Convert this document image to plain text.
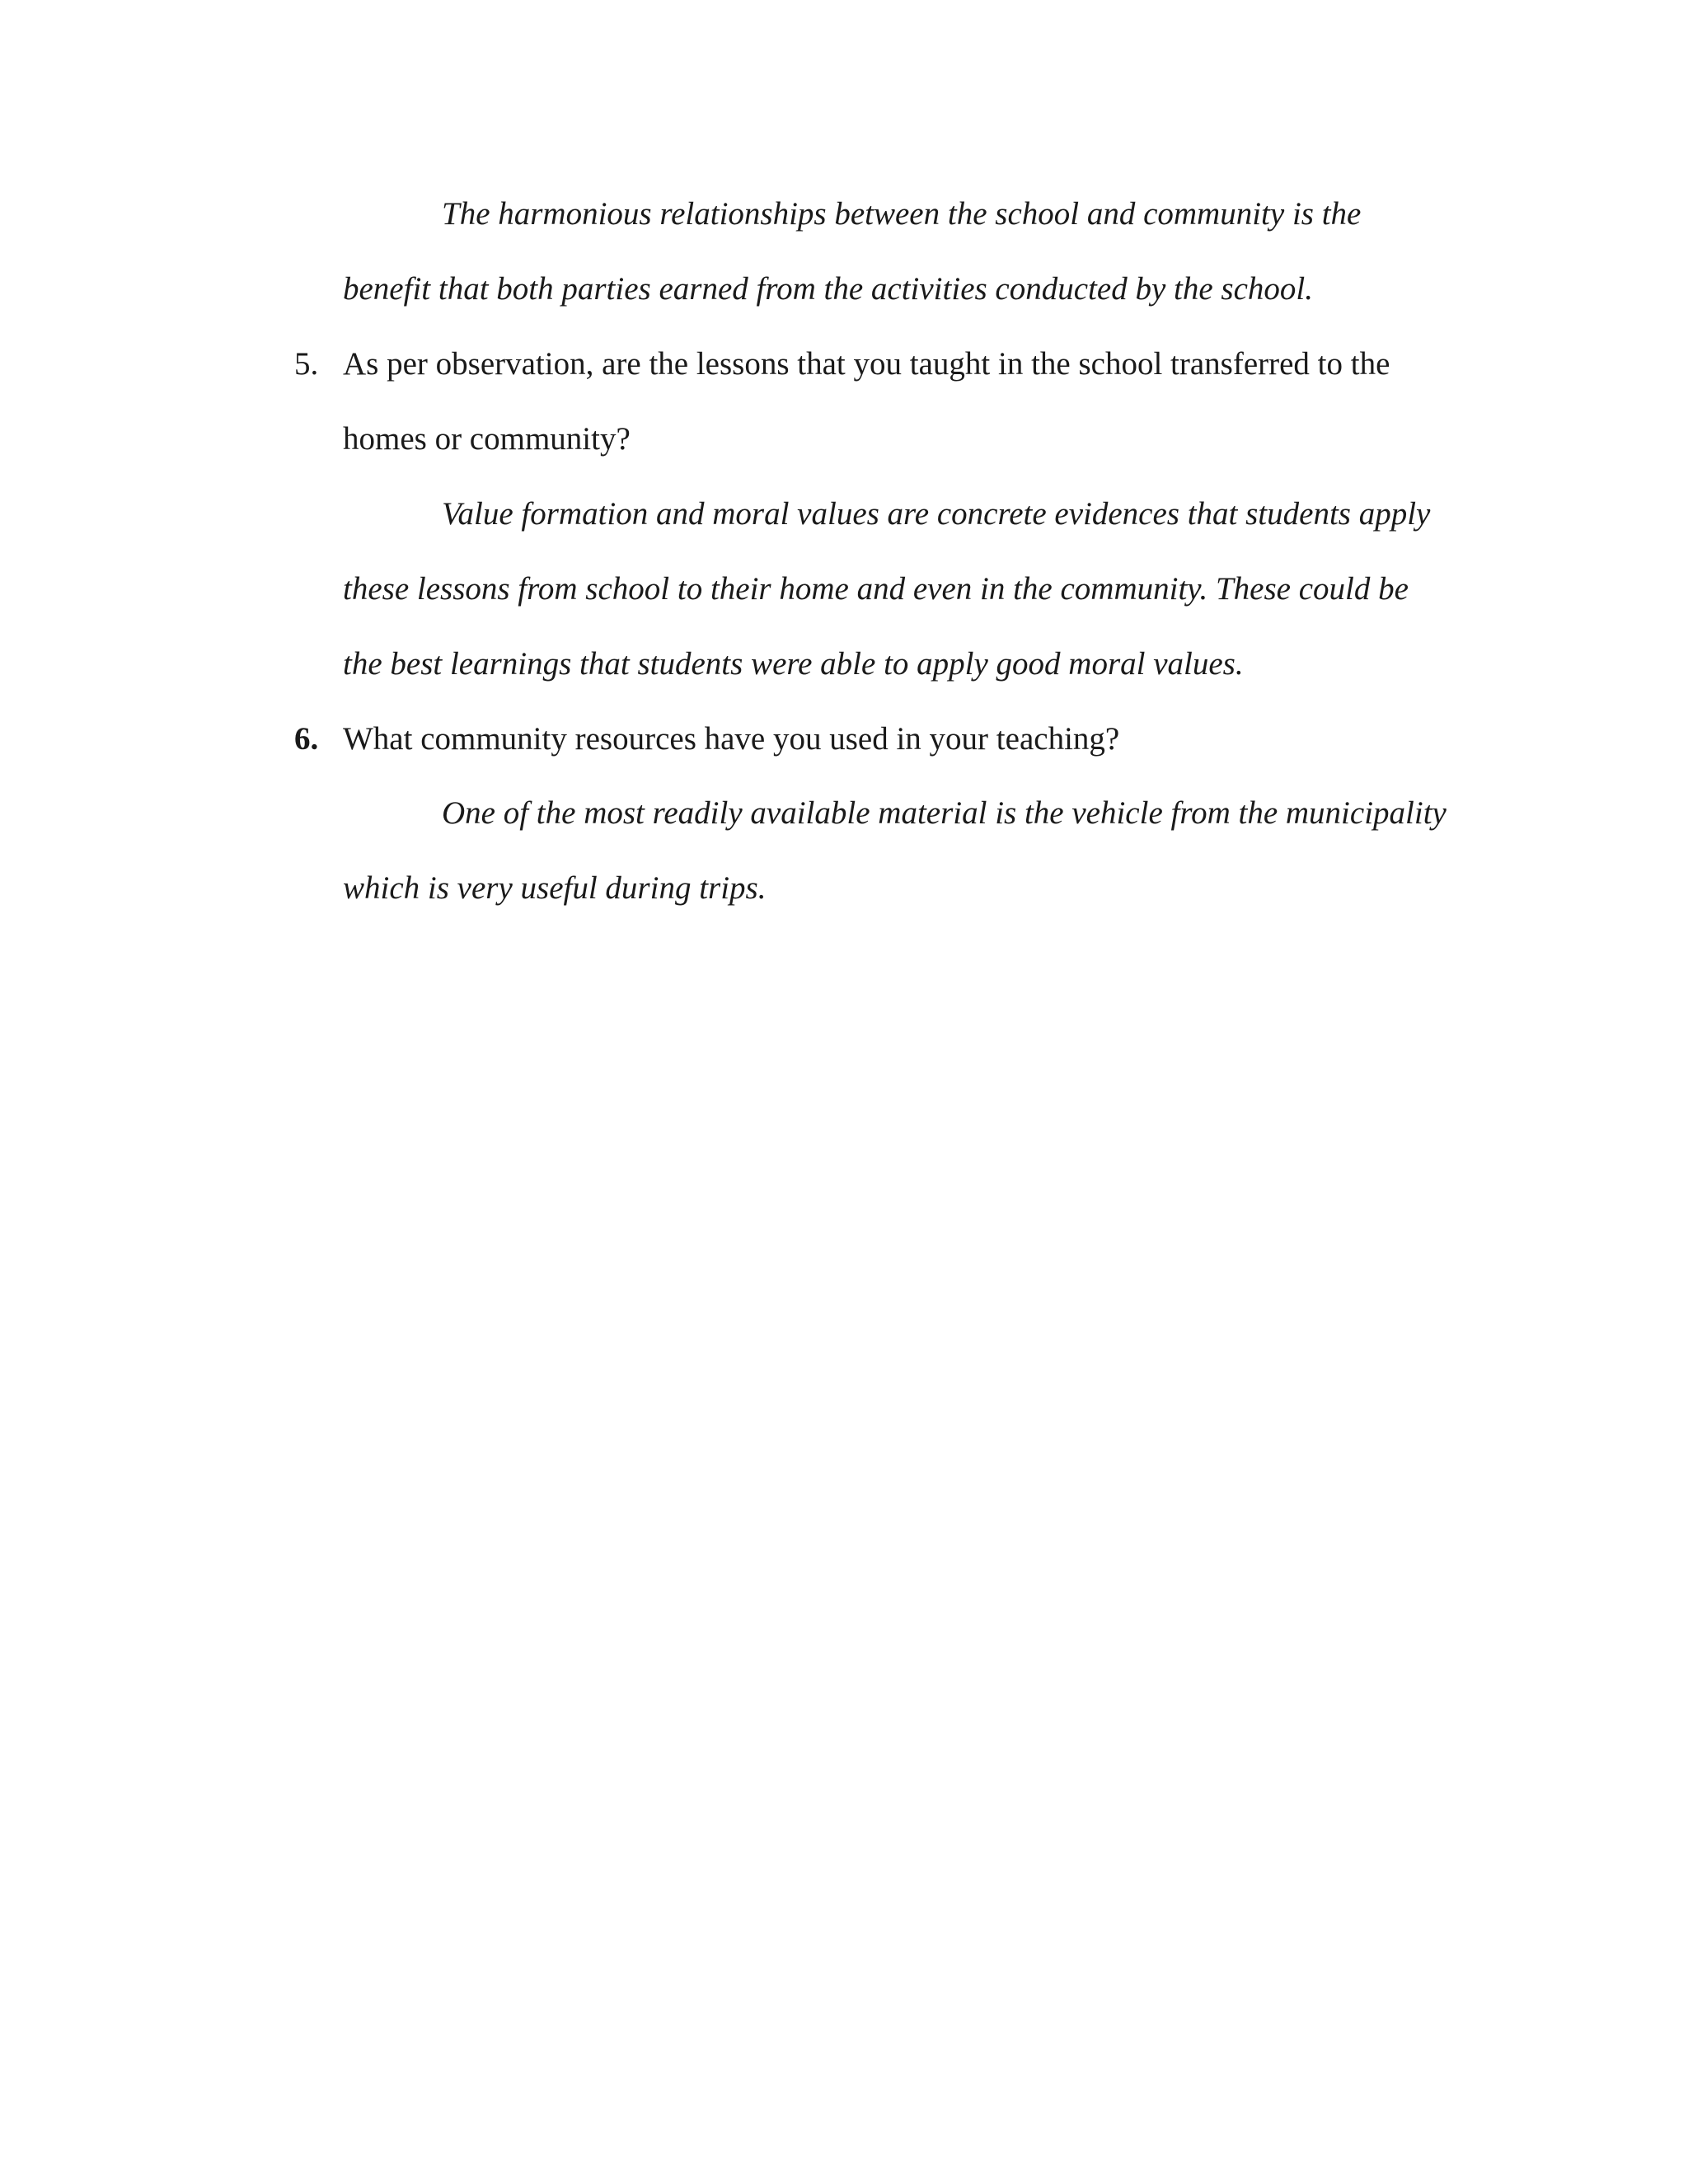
The harmonious relationships between the school and community is the
benefit that both parties earned from the activities conducted by the school.
5. As per observation, are the lessons that you taught in the school transferred to the
homes or community?
Value formation and moral values are concrete evidences that students apply
these lessons from school to their home and even in the community. These could be
the best learnings that students were able to apply good moral values.
6. What community resources have you used in your teaching?
One of the most readily available material is the vehicle from the municipality
which is very useful during trips.
